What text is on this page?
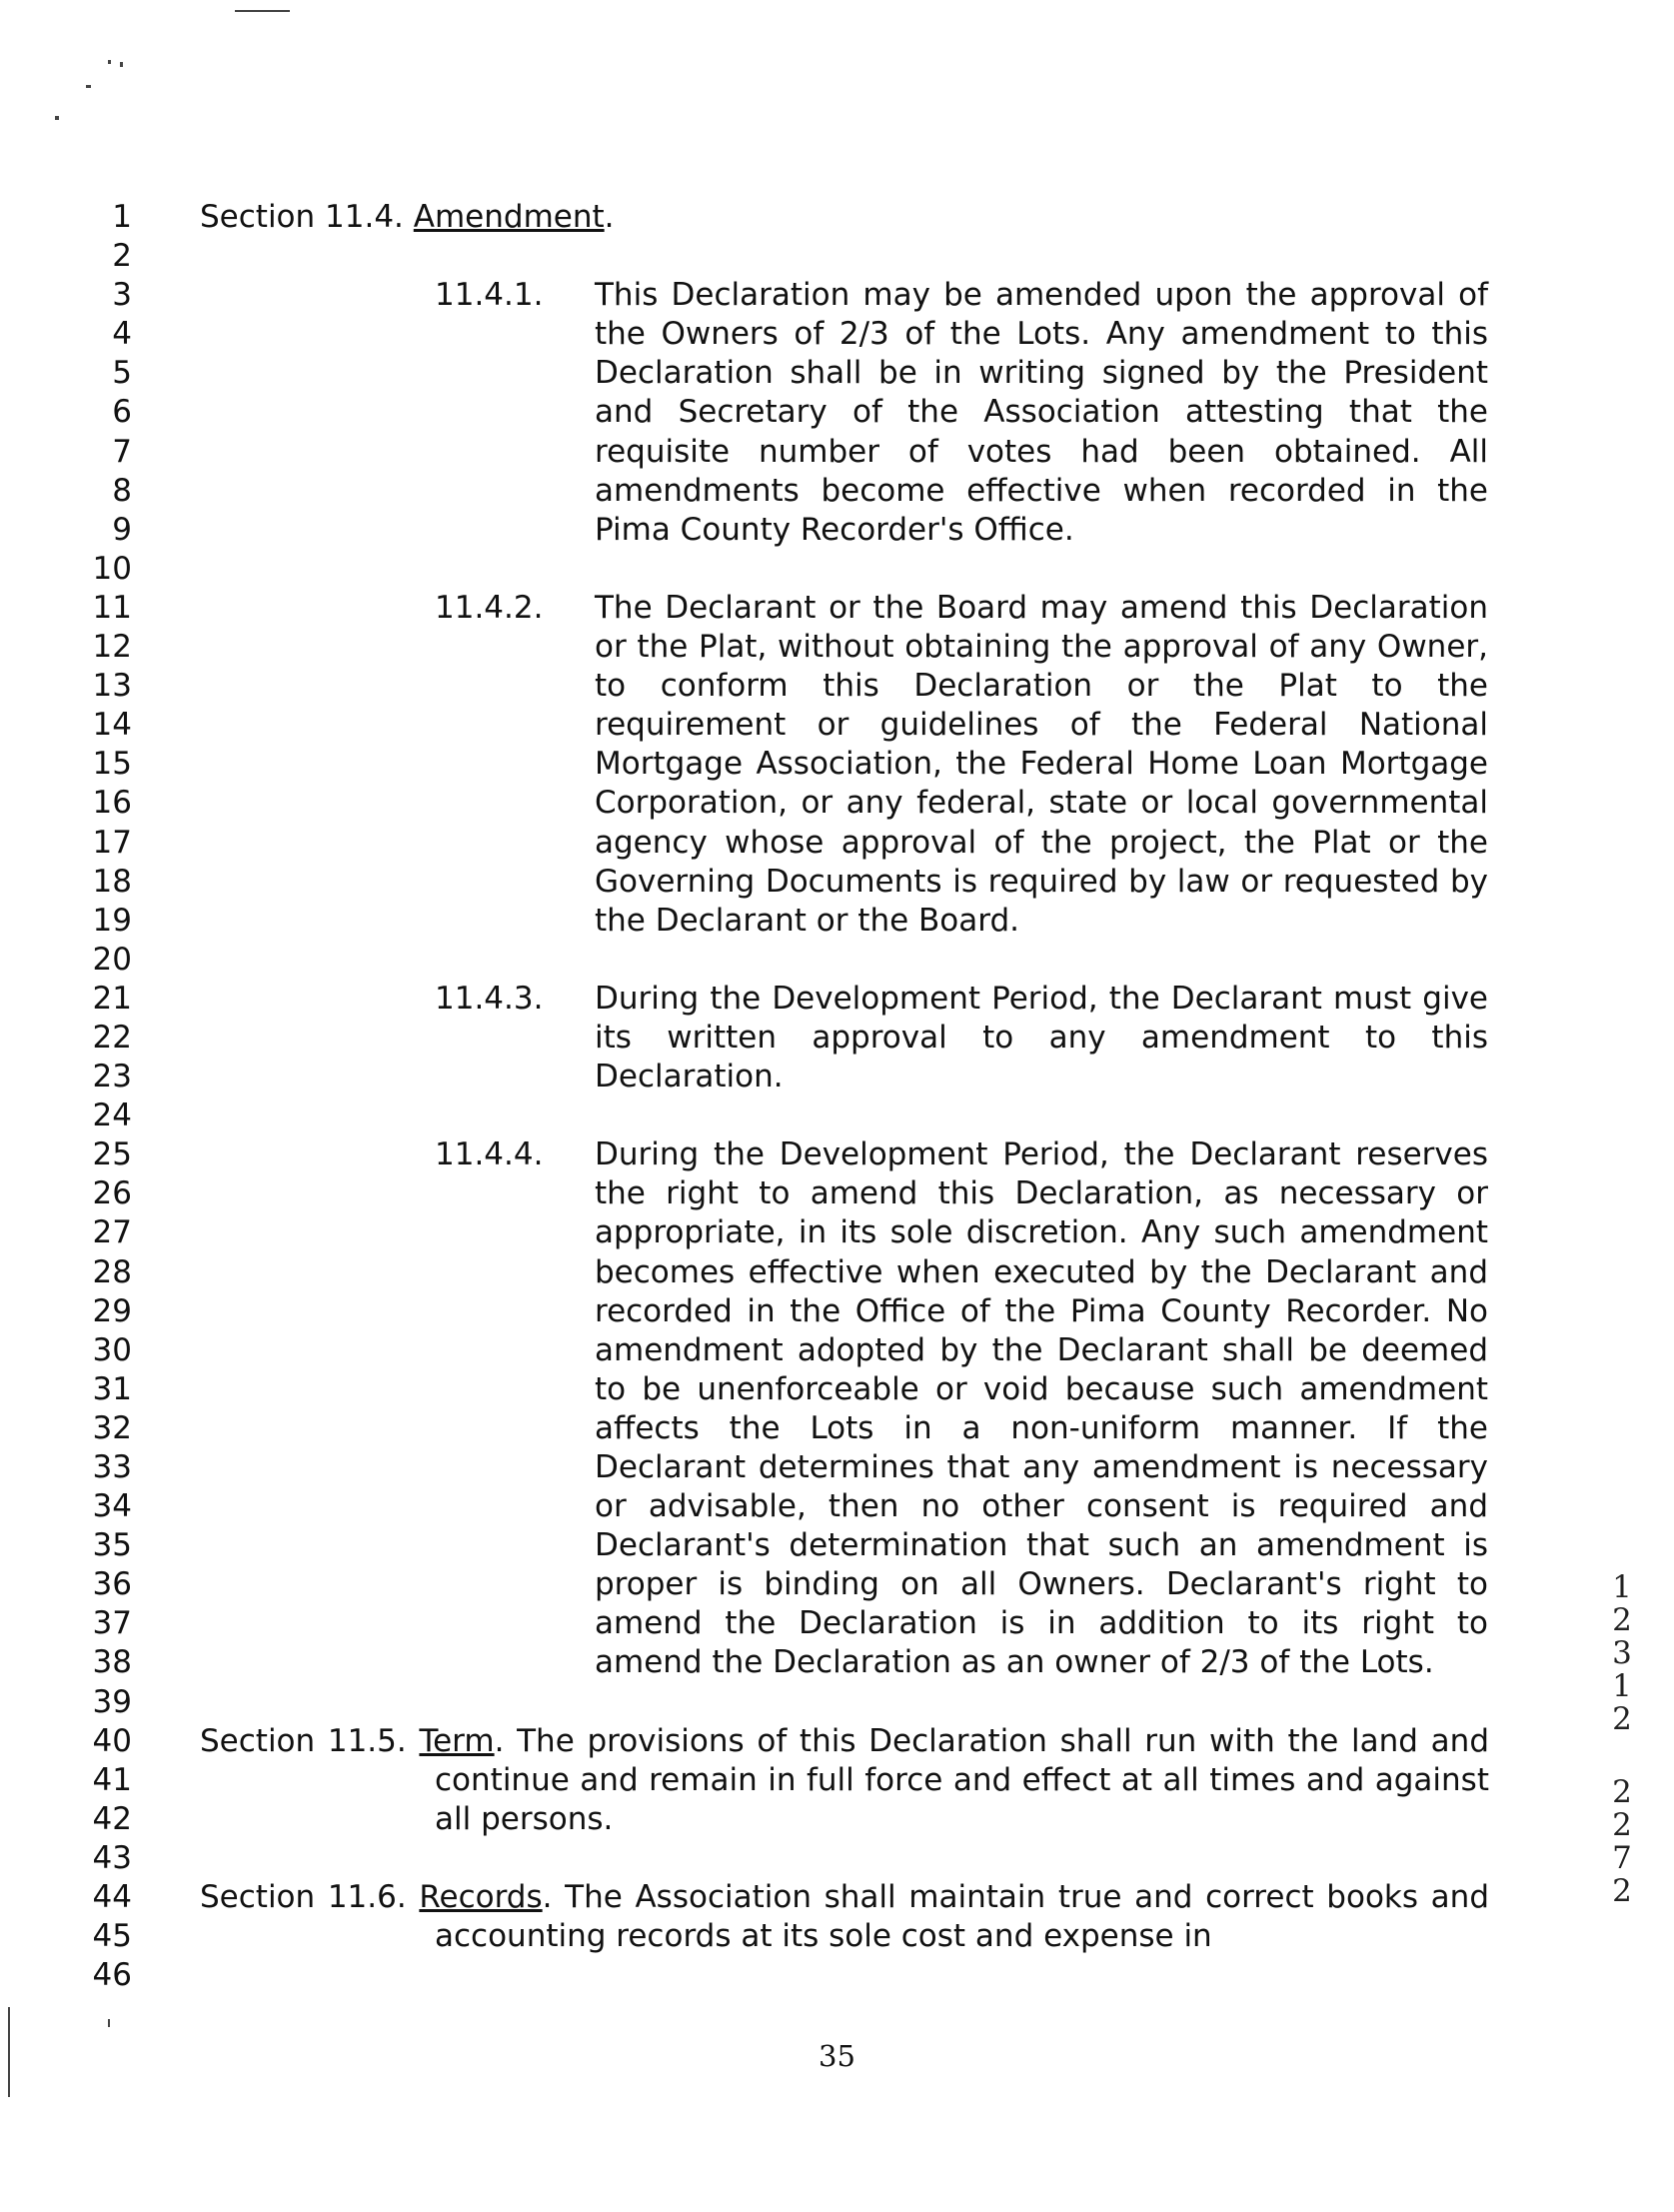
1
2
3
4
5
6
7
8
9
10
11
12
13
14
15
16
17
18
19
20
21
22
23
24
25
26
27
28
29
30
31
32
33
34
35
36
37
38
39
40
41
42
43
44
45
46
Section 11.4. Amendment .
11.4.1.	This Declaration may be amended upon the approval of the Owners of 2/3 of the Lots. Any amendment to this Declaration shall be in writing signed by the President and Secretary of the Association attesting that the requisite number of votes had been obtained. All amendments become effective when recorded in the Pima County Recorder's Office.
11.4.2.	The Declarant or the Board may amend this Declaration or the Plat, without obtaining the approval of any Owner, to conform this Declaration or the Plat to the requirement or guidelines of the Federal National Mortgage Association, the Federal Home Loan Mortgage Corporation, or any federal, state or local governmental agency whose approval of the project, the Plat or the Governing Documents is required by law or requested by the Declarant or the Board.
11.4.3.	During the Development Period, the Declarant must give its written approval to any amendment to this Declaration.
11.4.4.	During the Development Period, the Declarant reserves the right to amend this Declaration, as necessary or appropriate, in its sole discretion. Any such amendment becomes effective when executed by the Declarant and recorded in the Office of the Pima County Recorder. No amendment adopted by the Declarant shall be deemed to be unenforceable or void because such amendment affects the Lots in a non-uniform manner. If the Declarant determines that any amendment is necessary or advisable, then no other consent is required and Declarant's determination that such an amendment is proper is binding on all Owners. Declarant's right to amend the Declaration is in addition to its right to amend the Declaration as an owner of 2/3 of the Lots.
Section 11.5. Term. The provisions of this Declaration shall run with the land and continue and remain in full force and effect at all times and against all persons.
Section 11.6. Records. The Association shall maintain true and correct books and accounting records at its sole cost and expense in
1
2
3
1
2
2
2
7
2
35
